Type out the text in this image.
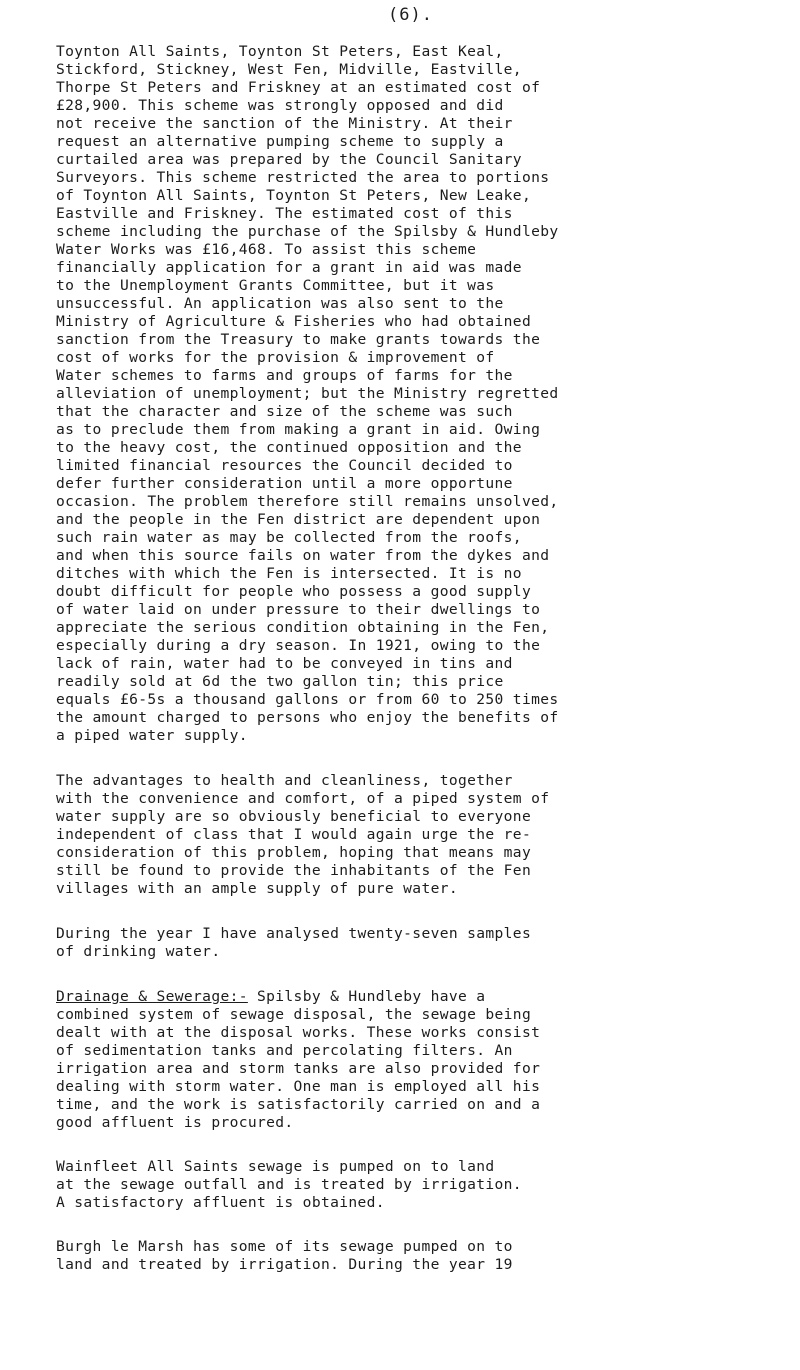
(6).

Toynton All Saints, Toynton St Peters, East Keal,

Stickford, Stickney, West Fen, Midville, Eastville,

Thorpe St Peters and Friskney at an estimated cost of

£28,900. This scheme was strongly opposed and did

not receive the sanction of the Ministry. At their

request an alternative pumping scheme to supply a

curtailed area was prepared by the Council Sanitary

Surveyors. This scheme restricted the area to portions

of Toynton All Saints, Toynton St Peters, New Leake,

Eastville and Friskney. The estimated cost of this

scheme including the purchase of the Spilsby & Hundleby

Water Works was £16,468. To assist this scheme

financially application for a grant in aid was made

to the Unemployment Grants Committee, but it was

unsuccessful. An application was also sent to the

Ministry of Agriculture & Fisheries who had obtained

sanction from the Treasury to make grants towards the

cost of works for the provision & improvement of

Water schemes to farms and groups of farms for the

alleviation of unemployment; but the Ministry regretted

that the character and size of the scheme was such

as to preclude them from making a grant in aid. Owing

to the heavy cost, the continued opposition and the

limited financial resources the Council decided to

defer further consideration until a more opportune

occasion. The problem therefore still remains unsolved,

and the people in the Fen district are dependent upon

such rain water as may be collected from the roofs,

and when this source fails on water from the dykes and

ditches with which the Fen is intersected. It is no

doubt difficult for people who possess a good supply

of water laid on under pressure to their dwellings to

appreciate the serious condition obtaining in the Fen,

especially during a dry season. In 1921, owing to the

lack of rain, water had to be conveyed in tins and

readily sold at 6d the two gallon tin; this price

equals £6-5s a thousand gallons or from 60 to 250 times

the amount charged to persons who enjoy the benefits of

a piped water supply.

The advantages to health and cleanliness, together

with the convenience and comfort, of a piped system of

water supply are so obviously beneficial to everyone

independent of class that I would again urge the re-

consideration of this problem, hoping that means may

still be found to provide the inhabitants of the Fen

villages with an ample supply of pure water.

During the year I have analysed twenty-seven samples

of drinking water.

Drainage & Sewerage:- Spilsby & Hundleby have a

combined system of sewage disposal, the sewage being

dealt with at the disposal works. These works consist

of sedimentation tanks and percolating filters. An

irrigation area and storm tanks are also provided for

dealing with storm water. One man is employed all his

time, and the work is satisfactorily carried on and a

good affluent is procured.

Wainfleet All Saints sewage is pumped on to land

at the sewage outfall and is treated by irrigation.

A satisfactory affluent is obtained.

Burgh le Marsh has some of its sewage pumped on to

land and treated by irrigation. During the year 19
